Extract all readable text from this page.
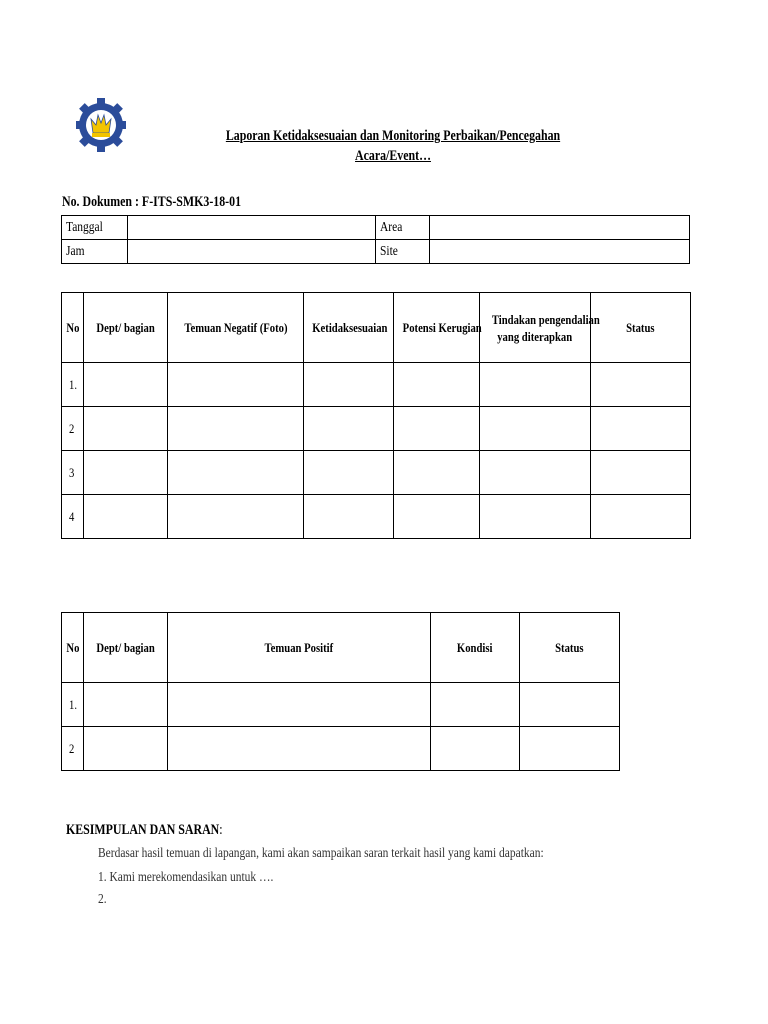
Laporan Ketidaksesuaian dan Monitoring Perbaikan/Pencegahan
Acara/Event…
No. Dokumen : F-ITS-SMK3-18-01
Tanggal		Area	
Jam		Site	
No	Dept/ bagian	Temuan Negatif (Foto)	Ketidaksesuaian	Potensi Kerugian	Tindakan pengendalian
yang diterapkan	Status
1.						
2						
3						
4						
No	Dept/ bagian	Temuan Positif	Kondisi	Status
1.				
2				
KESIMPULAN DAN SARAN:
Berdasar hasil temuan di lapangan, kami akan sampaikan saran terkait hasil yang kami dapatkan:
1. Kami merekomendasikan untuk ….
2.
